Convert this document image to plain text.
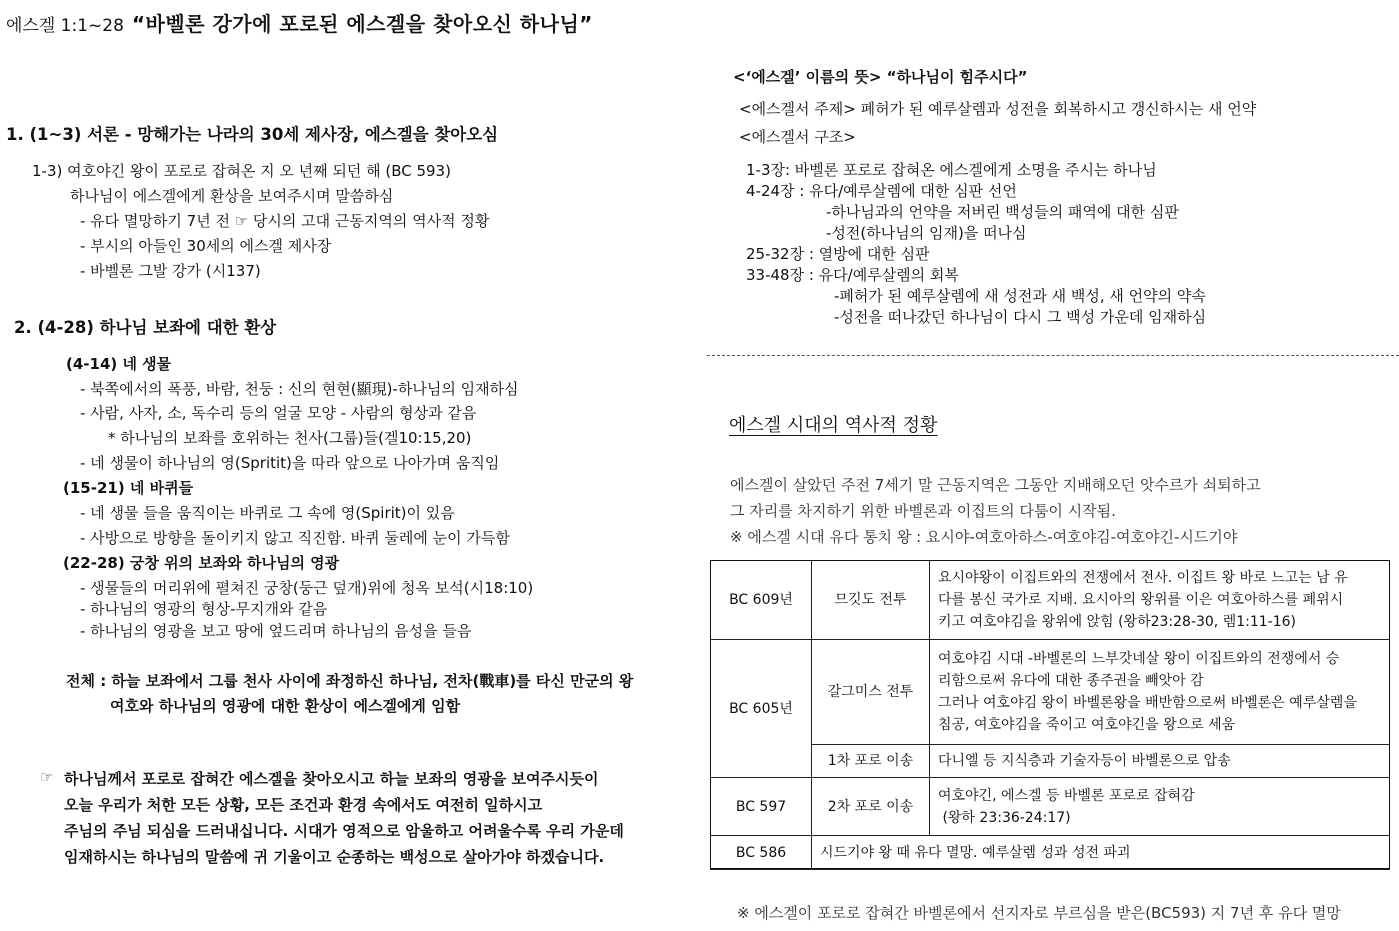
에스겔 1:1~28 “바벨론 강가에 포로된 에스겔을 찾아오신 하나님”
1. (1~3) 서론 - 망해가는 나라의 30세 제사장, 에스겔을 찾아오심
1-3) 여호야긴 왕이 포로로 잡혀온 지 오 년째 되던 해 (BC 593)
하나님이 에스겔에게 환상을 보여주시며 말씀하심
- 유다 멸망하기 7년 전 ☞ 당시의 고대 근동지역의 역사적 정황
- 부시의 아들인 30세의 에스겔 제사장
- 바벨론 그발 강가 (시137)
2. (4-28) 하나님 보좌에 대한 환상
(4-14) 네 생물
- 북쪽에서의 폭풍, 바람, 천둥 : 신의 현현(顯現)-하나님의 임재하심
- 사람, 사자, 소, 독수리 등의 얼굴 모양 - 사람의 형상과 같음
* 하나님의 보좌를 호위하는 천사(그룹)들(겔10:15,20)
- 네 생물이 하나님의 영(Spritit)을 따라 앞으로 나아가며 움직임
(15-21) 네 바퀴들
- 네 생물 들을 움직이는 바퀴로 그 속에 영(Spirit)이 있음
- 사방으로 방향을 돌이키지 않고 직진함. 바퀴 둘레에 눈이 가득함
(22-28) 궁창 위의 보좌와 하나님의 영광
- 생물들의 머리위에 펼쳐진 궁창(둥근 덮개)위에 청옥 보석(시18:10)
- 하나님의 영광의 형상-무지개와 같음
- 하나님의 영광을 보고 땅에 엎드리며 하나님의 음성을 들음
전체 : 하늘 보좌에서 그룹 천사 사이에 좌정하신 하나님, 전차(戰車)를 타신 만군의 왕
여호와 하나님의 영광에 대한 환상이 에스겔에게 임함
☞ 하나님께서 포로로 잡혀간 에스겔을 찾아오시고 하늘 보좌의 영광을 보여주시듯이
오늘 우리가 처한 모든 상황, 모든 조건과 환경 속에서도 여전히 일하시고
주님의 주님 되심을 드러내십니다. 시대가 영적으로 암울하고 어려울수록 우리 가운데
임재하시는 하나님의 말씀에 귀 기울이고 순종하는 백성으로 살아가야 하겠습니다.
<‘에스겔’ 이름의 뜻> “하나님이 힘주시다”
<에스겔서 주제> 폐허가 된 예루살렘과 성전을 회복하시고 갱신하시는 새 언약
<에스겔서 구조>
1-3장: 바벨론 포로로 잡혀온 에스겔에게 소명을 주시는 하나님
4-24장 : 유다/예루살렘에 대한 심판 선언
-하나님과의 언약을 저버린 백성들의 패역에 대한 심판
-성전(하나님의 임재)을 떠나심
25-32장 : 열방에 대한 심판
33-48장 : 유다/예루살렘의 회복
-폐허가 된 예루살렘에 새 성전과 새 백성, 새 언약의 약속
-성전을 떠나갔던 하나님이 다시 그 백성 가운데 임재하심
에스겔 시대의 역사적 정황
에스겔이 살았던 주전 7세기 말 근동지역은 그동안 지배해오던 앗수르가 쇠퇴하고
그 자리를 차지하기 위한 바벨론과 이집트의 다툼이 시작됨.
※ 에스겔 시대 유다 통치 왕 : 요시야-여호아하스-여호야김-여호야긴-시드기야
BC 609년	므깃도 전투	요시야왕이 이집트와의 전쟁에서 전사. 이집트 왕 바로 느고는 남 유
다를 봉신 국가로 지배. 요시아의 왕위를 이은 여호아하스를 폐위시
키고 여호야김을 왕위에 앉힘 (왕하23:28-30, 렘1:11-16)

BC 605년	갈그미스 전투	여호야김 시대 -바벨론의 느부갓네살 왕이 이집트와의 전쟁에서 승
리함으로써 유다에 대한 종주권을 빼앗아 감
그러나 여호야김 왕이 바벨론왕을 배반함으로써 바벨론은 예루살렘을
침공, 여호야김을 죽이고 여호야긴을 왕으로 세움

	1차 포로 이송	다니엘 등 지식층과 기술자등이 바벨론으로 압송
BC 597	2차 포로 이송	여호야긴, 에스겔 등 바벨론 포로로 잡혀감
(왕하 23:36-24:17)

BC 586	시드기야 왕 때 유다 멸망. 예루살렘 성과 성전 파괴	
※ 에스겔이 포로로 잡혀간 바벨론에서 선지자로 부르심을 받은(BC593) 지 7년 후 유다 멸망
